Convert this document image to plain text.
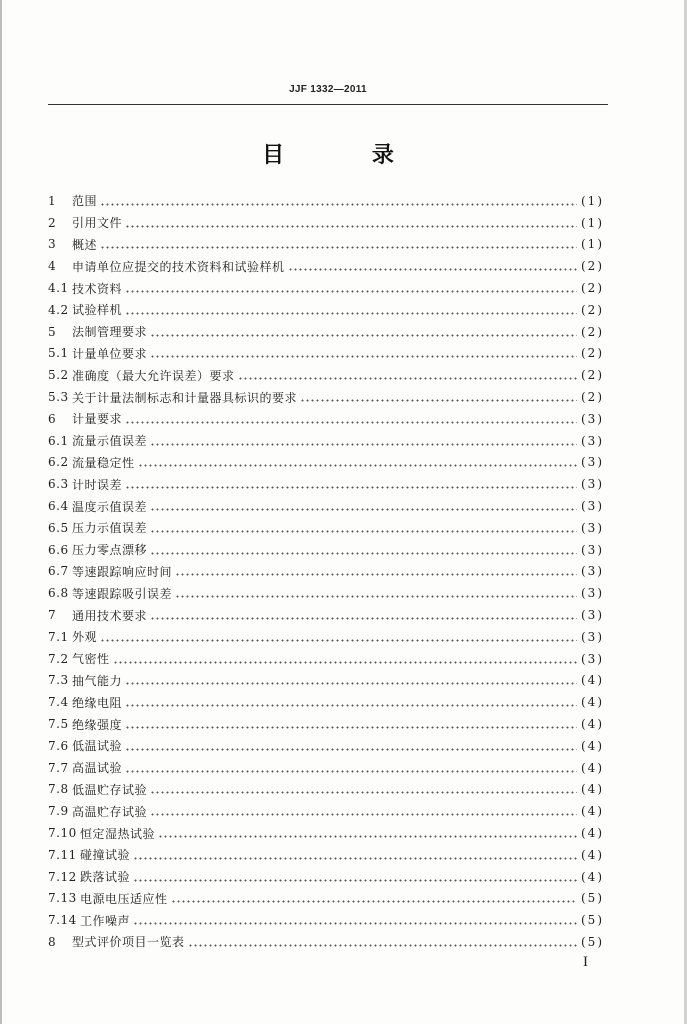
JJF 1332—2011
目 录
1	范围	(1)
2	引用文件	(1)
3	概述	(1)
4	申请单位应提交的技术资料和试验样机	(2)
4.1 技术资料	(2)
4.2 试验样机	(2)
5	法制管理要求	(2)
5.1 计量单位要求	(2)
5.2 准确度（最大允许误差）要求	(2)
5.3 关于计量法制标志和计量器具标识的要求	(2)
6	计量要求	(3)
6.1 流量示值误差	(3)
6.2 流量稳定性	(3)
6.3 计时误差	(3)
6.4 温度示值误差	(3)
6.5 压力示值误差	(3)
6.6 压力零点漂移	(3)
6.7 等速跟踪响应时间	(3)
6.8 等速跟踪吸引误差	(3)
7	通用技术要求	(3)
7.1 外观	(3)
7.2 气密性	(3)
7.3 抽气能力	(4)
7.4 绝缘电阻	(4)
7.5 绝缘强度	(4)
7.6 低温试验	(4)
7.7 高温试验	(4)
7.8 低温贮存试验	(4)
7.9 高温贮存试验	(4)
7.10 恒定湿热试验	(4)
7.11 碰撞试验	(4)
7.12 跌落试验	(4)
7.13 电源电压适应性	(5)
7.14 工作噪声	(5)
8	型式评价项目一览表	(5)
I
